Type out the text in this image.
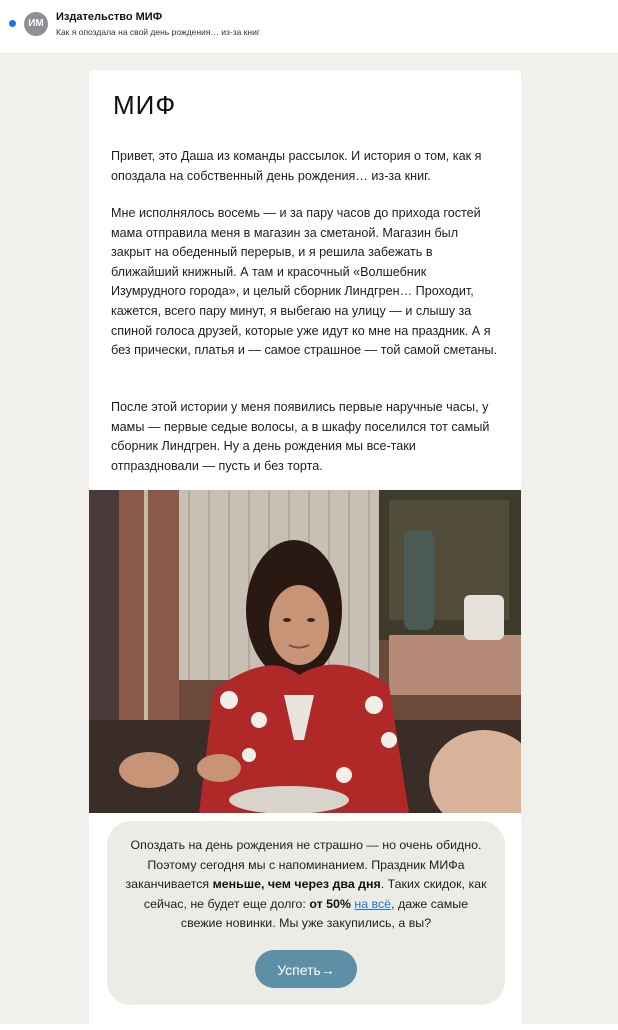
ИМ
Издательство МИФ
Как я опоздала на свой день рождения… из-за книг
МИФ

Привет, это Даша из команды рассылок. И история о том, как я опоздала на собственный день рождения… из-за книг.

Мне исполнялось восемь — и за пару часов до прихода гостей мама отправила меня в магазин за сметаной. Магазин был закрыт на обеденный перерыв, и я решила забежать в ближайший книжный. А там и красочный «Волшебник Изумрудного города», и целый сборник Линдгрен… Проходит, кажется, всего пару минут, я выбегаю на улицу — и слышу за спиной голоса друзей, которые уже идут ко мне на праздник. А я без прически, платья и — самое страшное — той самой сметаны.

После этой истории у меня появились первые наручные часы, у мамы — первые седые волосы, а в шкафу поселился тот самый сборник Линдгрен. Ну а день рождения мы все-таки отпраздновали — пусть и без торта.

Опоздать на день рождения не страшно — но очень обидно. Поэтому сегодня мы с напоминанием. Праздник МИФа заканчивается меньше, чем через два дня. Таких скидок, как сейчас, не будет еще долго: от 50% на всё, даже самые свежие новинки. Мы уже закупились, а вы?

Успеть→
